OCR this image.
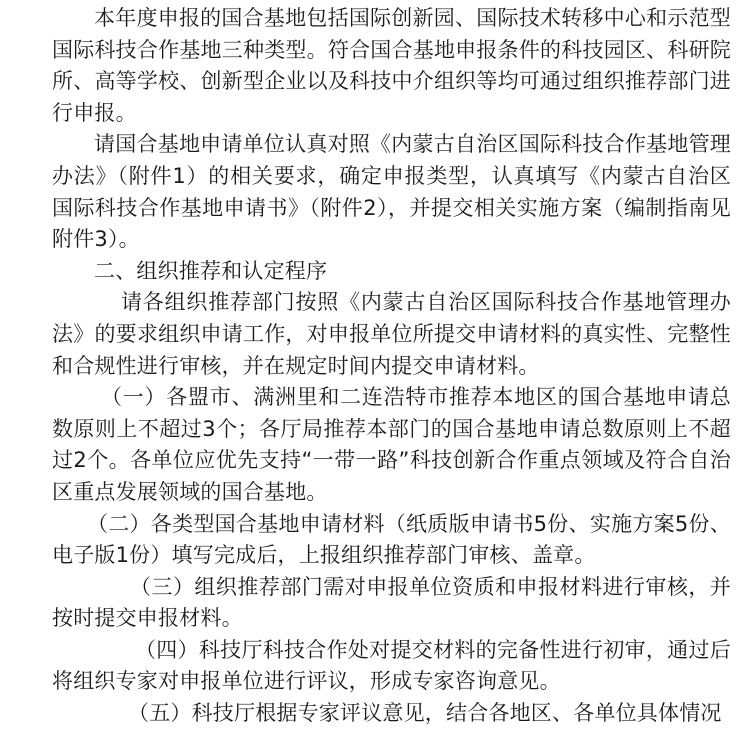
本年度申报的国合基地包括国际创新园、国际技术转移中心和示范型国际科技合作基地三种类型。符合国合基地申报条件的科技园区、科研院所、高等学校、创新型企业以及科技中介组织等均可通过组织推荐部门进行申报。

请国合基地申请单位认真对照《内蒙古自治区国际科技合作基地管理办法》（附件1）的相关要求，确定申报类型，认真填写《内蒙古自治区国际科技合作基地申请书》（附件2），并提交相关实施方案（编制指南见附件3）。

二、组织推荐和认定程序

请各组织推荐部门按照《内蒙古自治区国际科技合作基地管理办法》的要求组织申请工作，对申报单位所提交申请材料的真实性、完整性和合规性进行审核，并在规定时间内提交申请材料。

（一）各盟市、满洲里和二连浩特市推荐本地区的国合基地申请总数原则上不超过3个；各厅局推荐本部门的国合基地申请总数原则上不超过2个。各单位应优先支持“一带一路”科技创新合作重点领域及符合自治区重点发展领域的国合基地。

（二）各类型国合基地申请材料（纸质版申请书5份、实施方案5份、电子版1份）填写完成后，上报组织推荐部门审核、盖章。

（三）组织推荐部门需对申报单位资质和申报材料进行审核，并按时提交申报材料。

（四）科技厅科技合作处对提交材料的完备性进行初审，通过后将组织专家对申报单位进行评议，形成专家咨询意见。

（五）科技厅根据专家评议意见，结合各地区、各单位具体情况
